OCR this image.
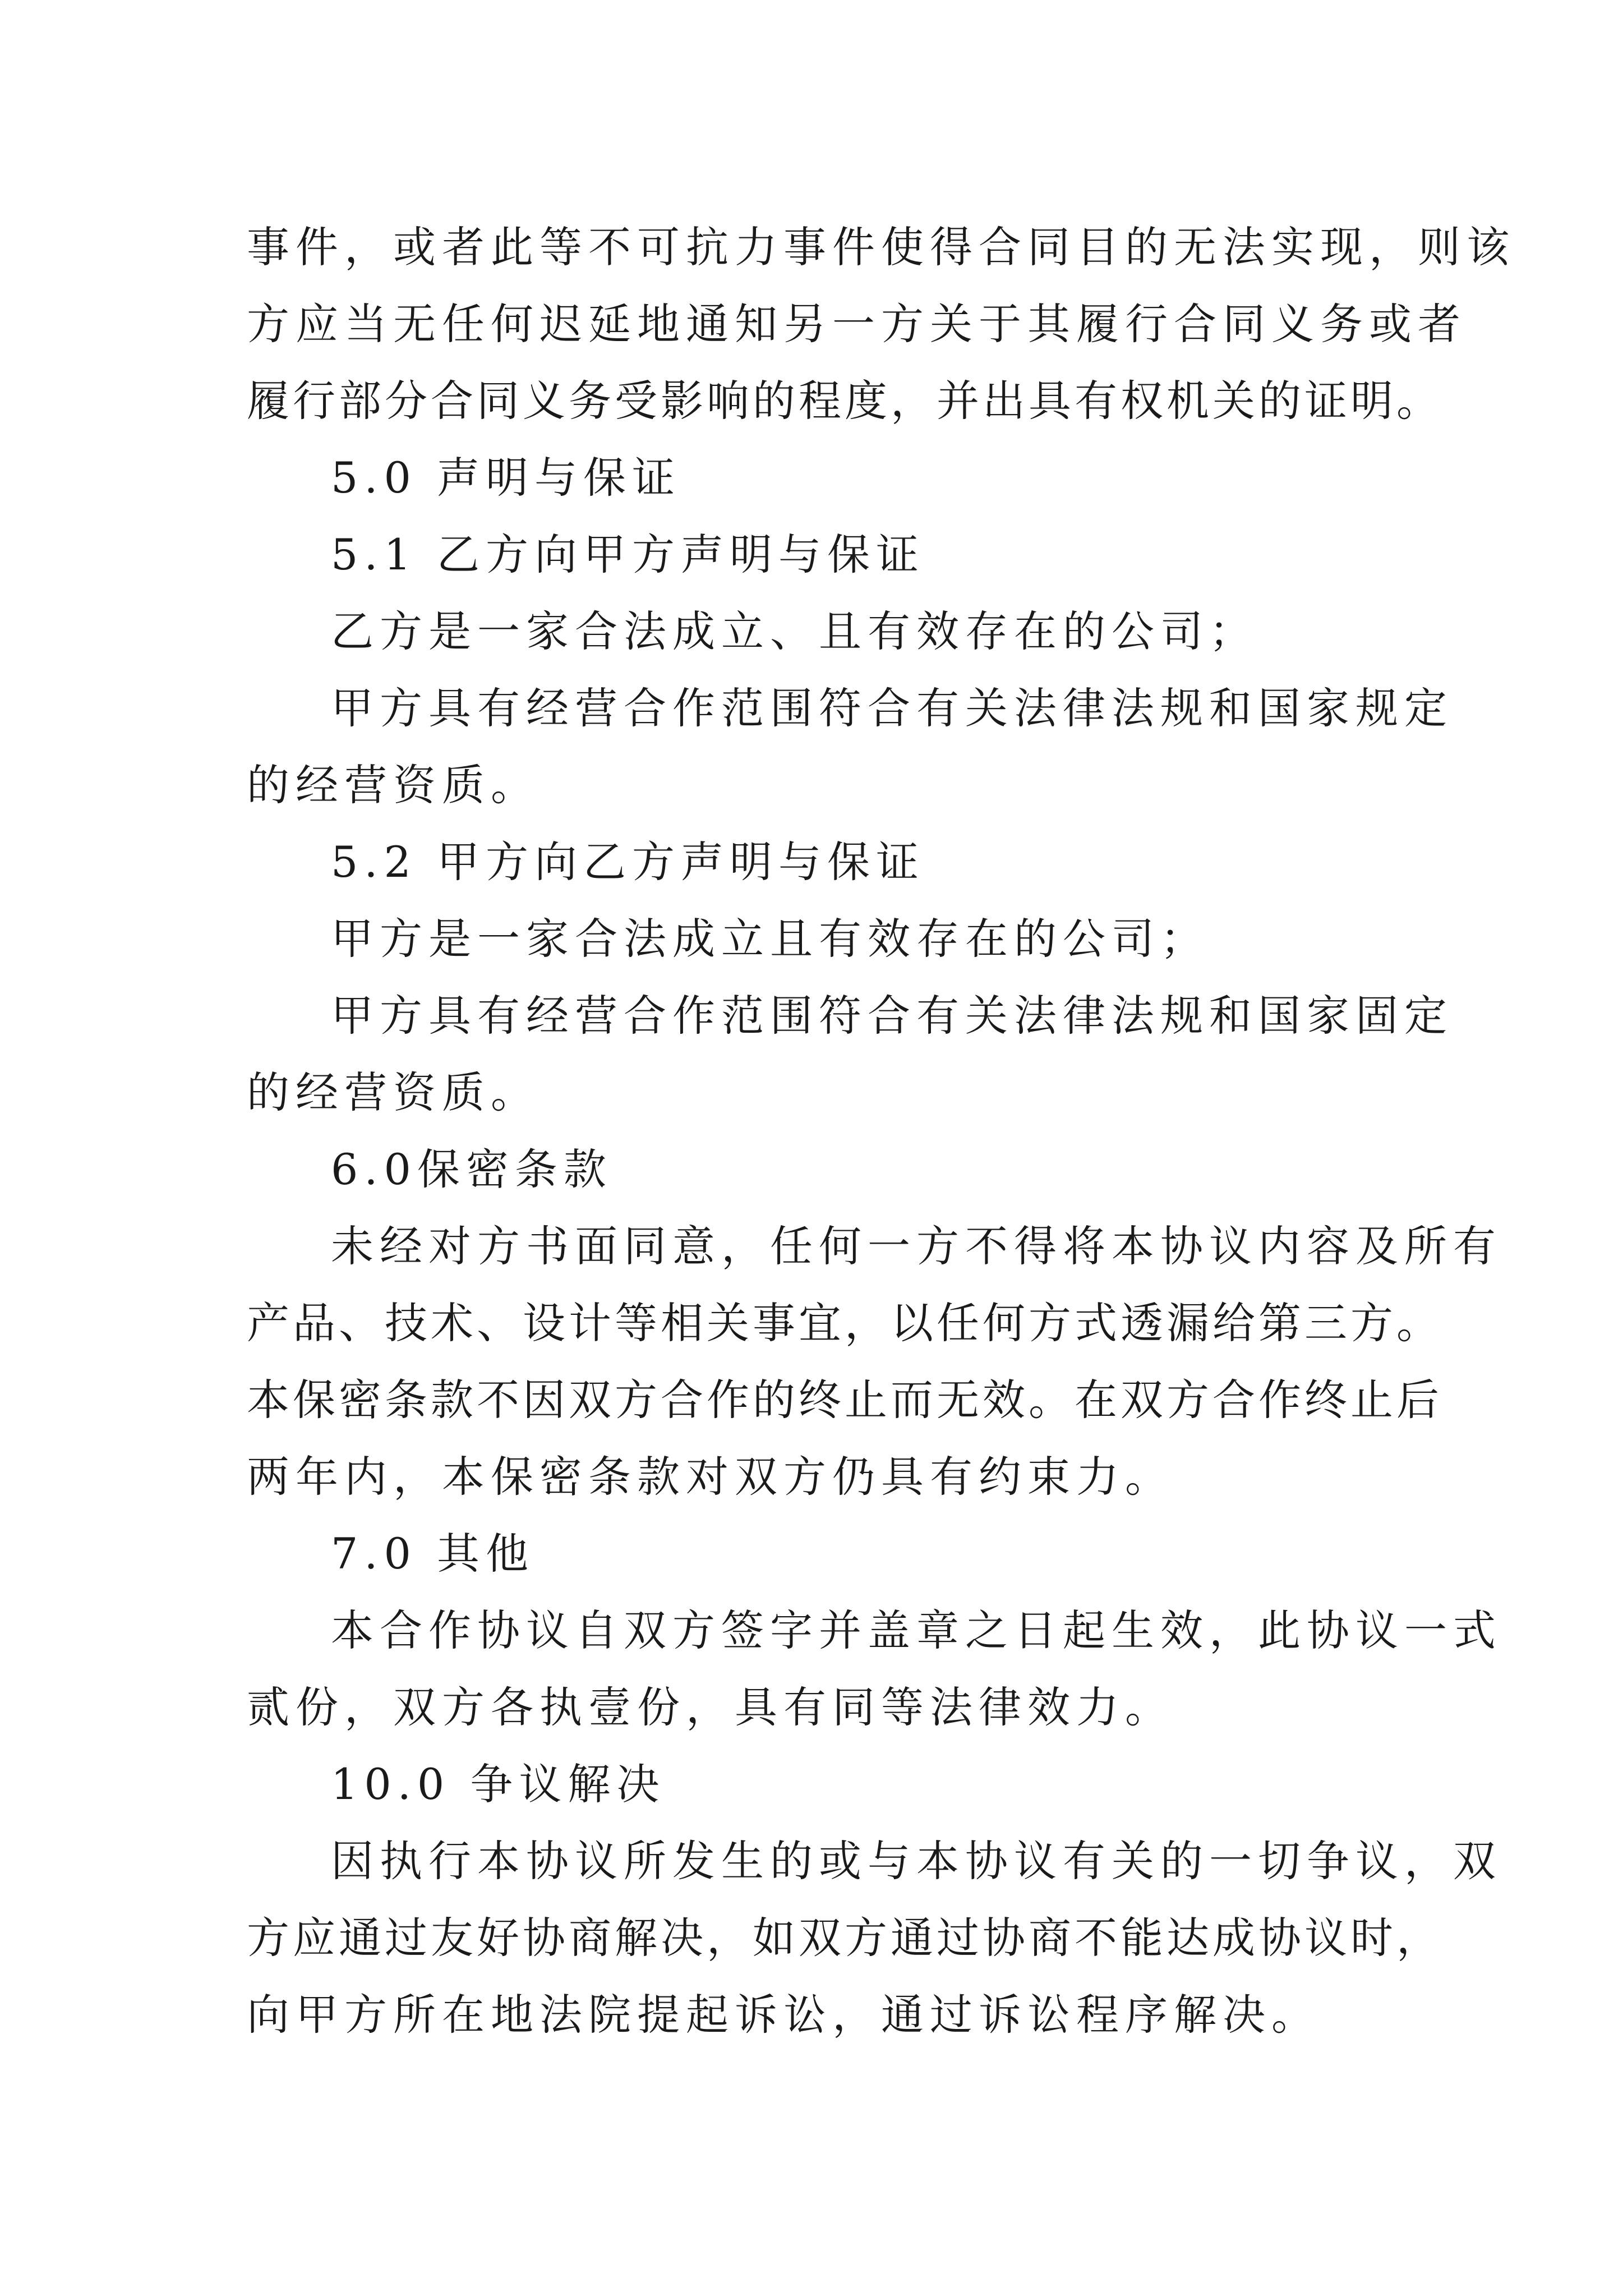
事件，或者此等不可抗力事件使得合同目的无法实现，则该
方应当无任何迟延地通知另一方关于其履行合同义务或者
履行部分合同义务受影响的程度，并出具有权机关的证明。
5.0 声明与保证
5.1 乙方向甲方声明与保证
乙方是一家合法成立、且有效存在的公司；
甲方具有经营合作范围符合有关法律法规和国家规定
的经营资质。
5.2 甲方向乙方声明与保证
甲方是一家合法成立且有效存在的公司；
甲方具有经营合作范围符合有关法律法规和国家固定
的经营资质。
6.0保密条款
未经对方书面同意，任何一方不得将本协议内容及所有
产品、技术、设计等相关事宜，以任何方式透漏给第三方。
本保密条款不因双方合作的终止而无效。在双方合作终止后
两年内，本保密条款对双方仍具有约束力。
7.0 其他
本合作协议自双方签字并盖章之日起生效，此协议一式
贰份，双方各执壹份，具有同等法律效力。
10.0 争议解决
因执行本协议所发生的或与本协议有关的一切争议，双
方应通过友好协商解决，如双方通过协商不能达成协议时，
向甲方所在地法院提起诉讼，通过诉讼程序解决。
